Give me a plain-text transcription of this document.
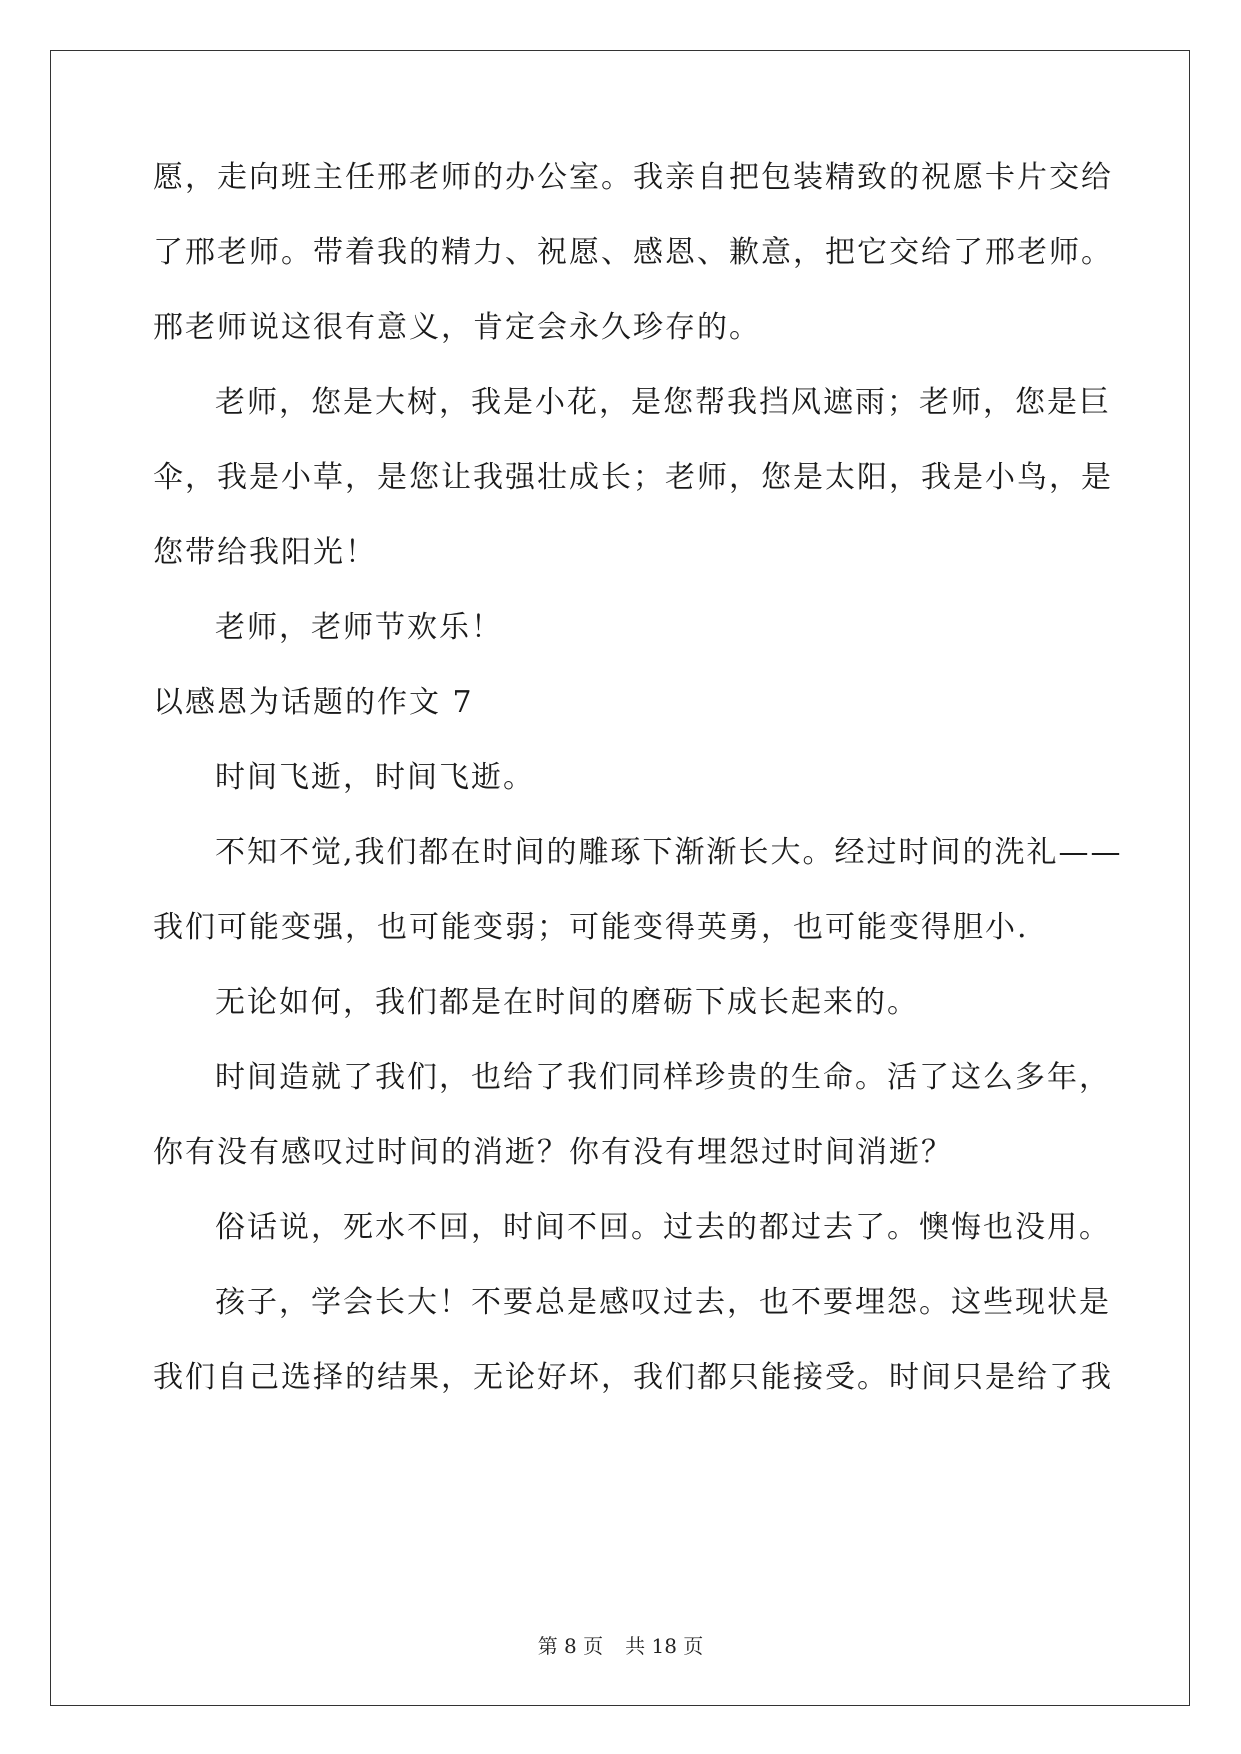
愿，走向班主任邢老师的办公室。我亲自把包装精致的祝愿卡片交给
了邢老师。带着我的精力、祝愿、感恩、歉意，把它交给了邢老师。
邢老师说这很有意义，肯定会永久珍存的。
老师，您是大树，我是小花，是您帮我挡风遮雨；老师，您是巨
伞，我是小草，是您让我强壮成长；老师，您是太阳，我是小鸟，是
您带给我阳光！
老师，老师节欢乐！
以感恩为话题的作文 7
时间飞逝，时间飞逝。
不知不觉,我们都在时间的雕琢下渐渐长大。经过时间的洗礼——
我们可能变强，也可能变弱；可能变得英勇，也可能变得胆小.
无论如何，我们都是在时间的磨砺下成长起来的。
时间造就了我们，也给了我们同样珍贵的生命。活了这么多年，
你有没有感叹过时间的消逝？你有没有埋怨过时间消逝？
俗话说，死水不回，时间不回。过去的都过去了。懊悔也没用。
孩子，学会长大！不要总是感叹过去，也不要埋怨。这些现状是
我们自己选择的结果，无论好坏，我们都只能接受。时间只是给了我
第 8 页 共 18 页
